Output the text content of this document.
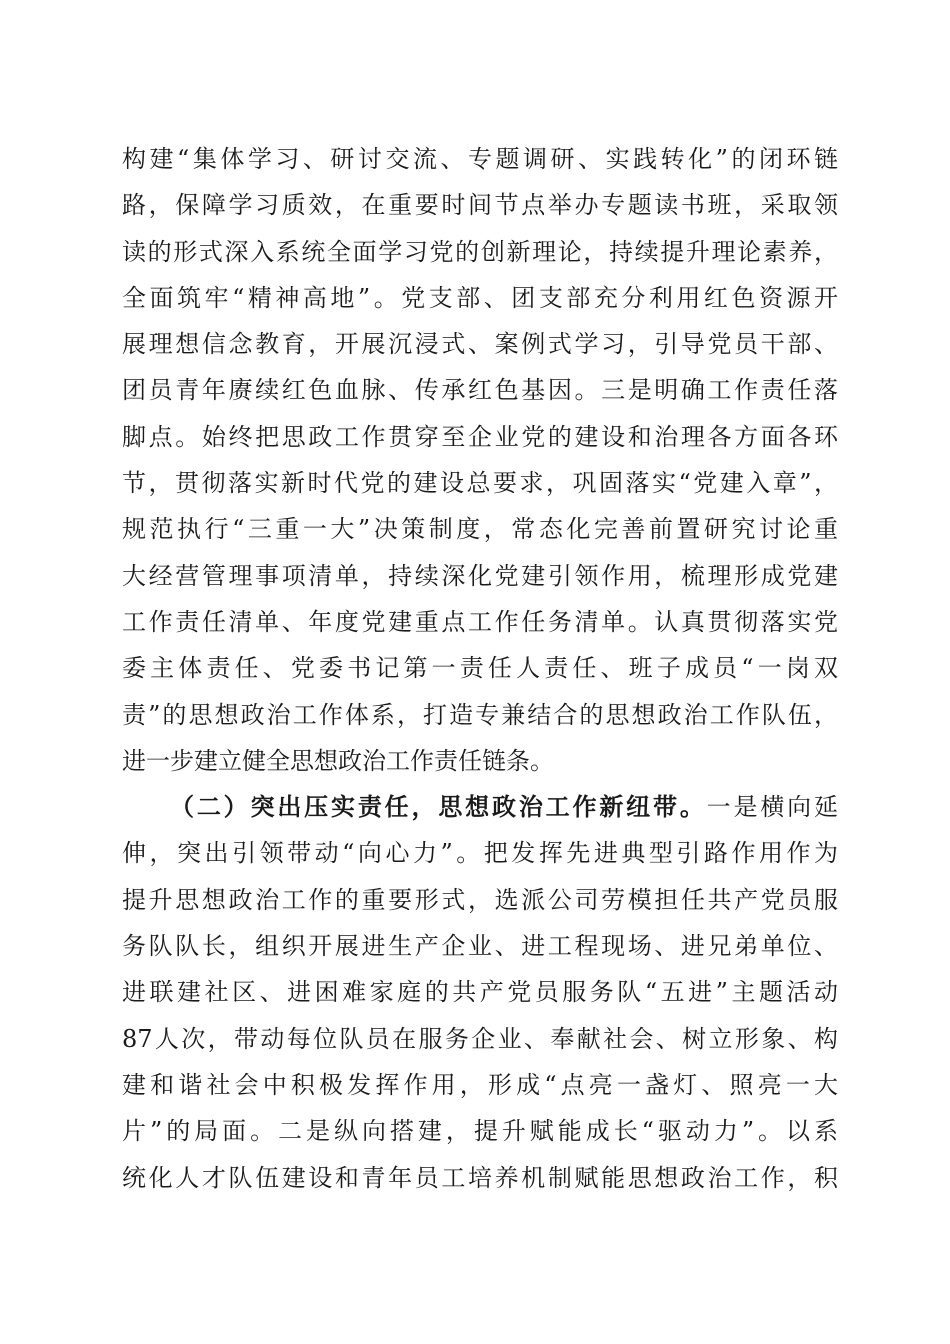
构建“集体学习、研讨交流、专题调研、实践转化”的闭环链
路，保障学习质效，在重要时间节点举办专题读书班，采取领
读的形式深入系统全面学习党的创新理论，持续提升理论素养，
全面筑牢“精神高地”。党支部、团支部充分利用红色资源开
展理想信念教育，开展沉浸式、案例式学习，引导党员干部、
团员青年赓续红色血脉、传承红色基因。三是明确工作责任落
脚点。始终把思政工作贯穿至企业党的建设和治理各方面各环
节，贯彻落实新时代党的建设总要求，巩固落实“党建入章”，
规范执行“三重一大”决策制度，常态化完善前置研究讨论重
大经营管理事项清单，持续深化党建引领作用，梳理形成党建
工作责任清单、年度党建重点工作任务清单。认真贯彻落实党
委主体责任、党委书记第一责任人责任、班子成员“一岗双
责”的思想政治工作体系，打造专兼结合的思想政治工作队伍，
进一步建立健全思想政治工作责任链条。
（二）突出压实责任，思想政治工作新纽带。一是横向延
伸，突出引领带动“向心力”。把发挥先进典型引路作用作为
提升思想政治工作的重要形式，选派公司劳模担任共产党员服
务队队长，组织开展进生产企业、进工程现场、进兄弟单位、
进联建社区、进困难家庭的共产党员服务队“五进”主题活动
87人次，带动每位队员在服务企业、奉献社会、树立形象、构
建和谐社会中积极发挥作用，形成“点亮一盏灯、照亮一大
片”的局面。二是纵向搭建，提升赋能成长“驱动力”。以系
统化人才队伍建设和青年员工培养机制赋能思想政治工作，积
